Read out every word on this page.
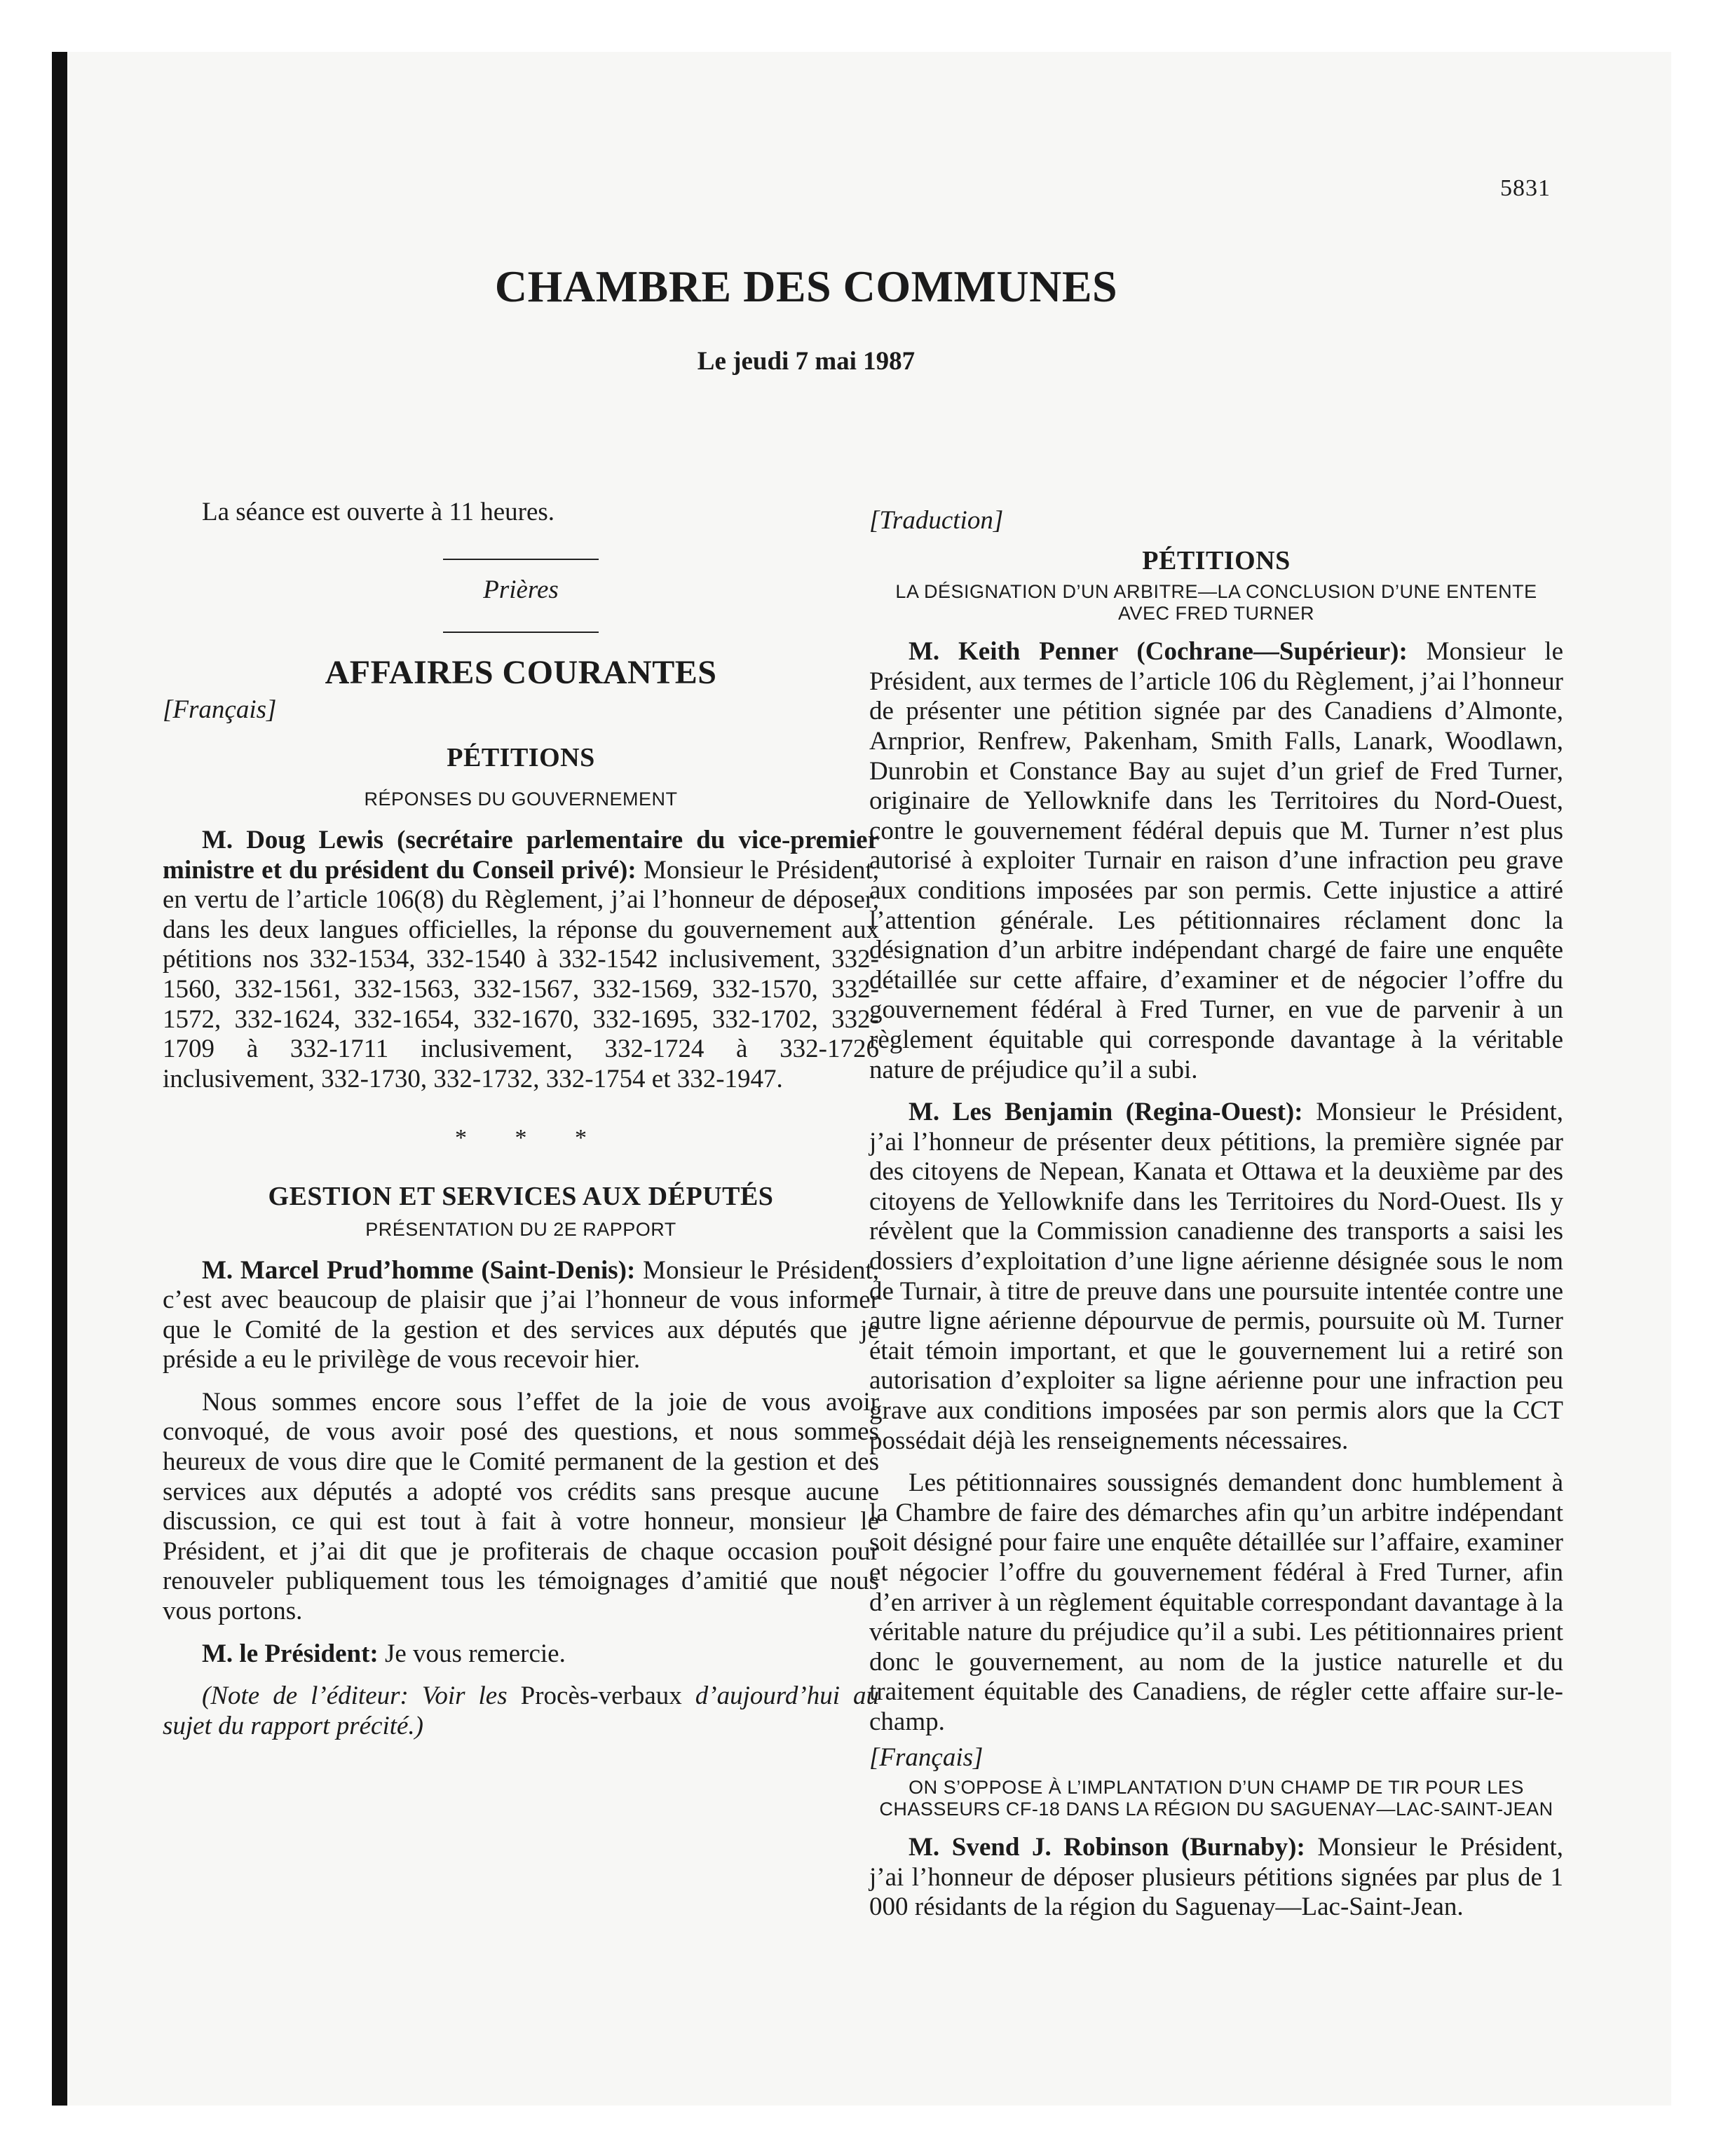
5831
CHAMBRE DES COMMUNES
Le jeudi 7 mai 1987

La séance est ouverte à 11 heures.

Prières

AFFAIRES COURANTES

[Français]

PÉTITIONS

RÉPONSES DU GOUVERNEMENT

M. Doug Lewis (secrétaire parlementaire du vice-premier ministre et du président du Conseil privé): Monsieur le Président, en vertu de l’article 106(8) du Règlement, j’ai l’honneur de déposer, dans les deux langues officielles, la réponse du gouvernement aux pétitions nos 332-1534, 332-1540 à 332-1542 inclusivement, 332-1560, 332-1561, 332-1563, 332-1567, 332-1569, 332-1570, 332-1572, 332-1624, 332-1654, 332-1670, 332-1695, 332-1702, 332-1709 à 332-1711 inclusivement, 332-1724 à 332-1726 inclusivement, 332-1730, 332-1732, 332-1754 et 332-1947.

* * *

GESTION ET SERVICES AUX DÉPUTÉS

PRÉSENTATION DU 2E RAPPORT

M. Marcel Prud’homme (Saint-Denis): Monsieur le Président, c’est avec beaucoup de plaisir que j’ai l’honneur de vous informer que le Comité de la gestion et des services aux députés que je préside a eu le privilège de vous recevoir hier.

Nous sommes encore sous l’effet de la joie de vous avoir convoqué, de vous avoir posé des questions, et nous sommes heureux de vous dire que le Comité permanent de la gestion et des services aux députés a adopté vos crédits sans presque aucune discussion, ce qui est tout à fait à votre honneur, monsieur le Président, et j’ai dit que je profiterais de chaque occasion pour renouveler publiquement tous les témoignages d’amitié que nous vous portons.

M. le Président: Je vous remercie.

(Note de l’éditeur: Voir les Procès-verbaux d’aujourd’hui au sujet du rapport précité.)

[Traduction]

PÉTITIONS

LA DÉSIGNATION D’UN ARBITRE—LA CONCLUSION D’UNE ENTENTE AVEC FRED TURNER

M. Keith Penner (Cochrane—Supérieur): Monsieur le Président, aux termes de l’article 106 du Règlement, j’ai l’honneur de présenter une pétition signée par des Canadiens d’Almonte, Arnprior, Renfrew, Pakenham, Smith Falls, Lanark, Woodlawn, Dunrobin et Constance Bay au sujet d’un grief de Fred Turner, originaire de Yellowknife dans les Territoires du Nord-Ouest, contre le gouvernement fédéral depuis que M. Turner n’est plus autorisé à exploiter Turnair en raison d’une infraction peu grave aux conditions imposées par son permis. Cette injustice a attiré l’attention générale. Les pétitionnaires réclament donc la désignation d’un arbitre indépendant chargé de faire une enquête détaillée sur cette affaire, d’examiner et de négocier l’offre du gouvernement fédéral à Fred Turner, en vue de parvenir à un règlement équitable qui corresponde davantage à la véritable nature de préjudice qu’il a subi.

M. Les Benjamin (Regina-Ouest): Monsieur le Président, j’ai l’honneur de présenter deux pétitions, la première signée par des citoyens de Nepean, Kanata et Ottawa et la deuxième par des citoyens de Yellowknife dans les Territoires du Nord-Ouest. Ils y révèlent que la Commission canadienne des transports a saisi les dossiers d’exploitation d’une ligne aérienne désignée sous le nom de Turnair, à titre de preuve dans une poursuite intentée contre une autre ligne aérienne dépourvue de permis, poursuite où M. Turner était témoin important, et que le gouvernement lui a retiré son autorisation d’exploiter sa ligne aérienne pour une infraction peu grave aux conditions imposées par son permis alors que la CCT possédait déjà les renseignements nécessaires.

Les pétitionnaires soussignés demandent donc humblement à la Chambre de faire des démarches afin qu’un arbitre indépendant soit désigné pour faire une enquête détaillée sur l’affaire, examiner et négocier l’offre du gouvernement fédéral à Fred Turner, afin d’en arriver à un règlement équitable correspondant davantage à la véritable nature du préjudice qu’il a subi. Les pétitionnaires prient donc le gouvernement, au nom de la justice naturelle et du traitement équitable des Canadiens, de régler cette affaire sur-le-champ.

[Français]

ON S’OPPOSE À L’IMPLANTATION D’UN CHAMP DE TIR POUR LES CHASSEURS CF-18 DANS LA RÉGION DU SAGUENAY—LAC-SAINT-JEAN

M. Svend J. Robinson (Burnaby): Monsieur le Président, j’ai l’honneur de déposer plusieurs pétitions signées par plus de 1 000 résidants de la région du Saguenay—Lac-Saint-Jean.
